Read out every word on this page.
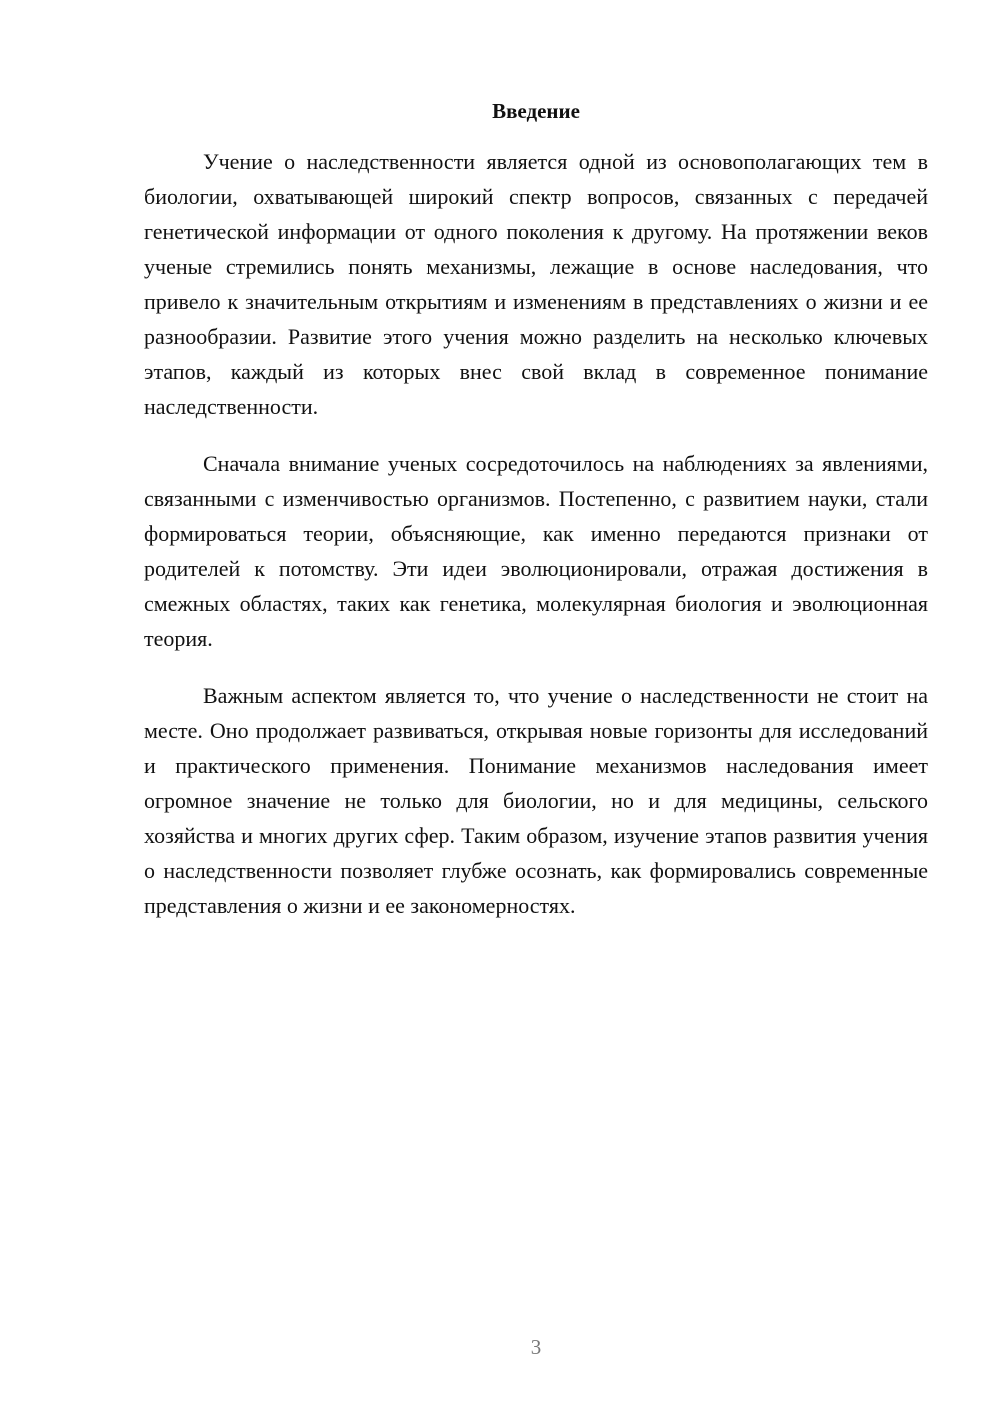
Введение

Учение о наследственности является одной из основополагающих тем в биологии, охватывающей широкий спектр вопросов, связанных с передачей генетической информации от одного поколения к другому. На протяжении веков ученые стремились понять механизмы, лежащие в основе наследования, что привело к значительным открытиям и изменениям в представлениях о жизни и ее разнообразии. Развитие этого учения можно разделить на несколько ключевых этапов, каждый из которых внес свой вклад в современное понимание наследственности.

Сначала внимание ученых сосредоточилось на наблюдениях за явлениями, связанными с изменчивостью организмов. Постепенно, с развитием науки, стали формироваться теории, объясняющие, как именно передаются признаки от родителей к потомству. Эти идеи эволюционировали, отражая достижения в смежных областях, таких как генетика, молекулярная биология и эволюционная теория.

Важным аспектом является то, что учение о наследственности не стоит на месте. Оно продолжает развиваться, открывая новые горизонты для исследований и практического применения. Понимание механизмов наследования имеет огромное значение не только для биологии, но и для медицины, сельского хозяйства и многих других сфер. Таким образом, изучение этапов развития учения о наследственности позволяет глубже осознать, как формировались современные представления о жизни и ее закономерностях.

3
